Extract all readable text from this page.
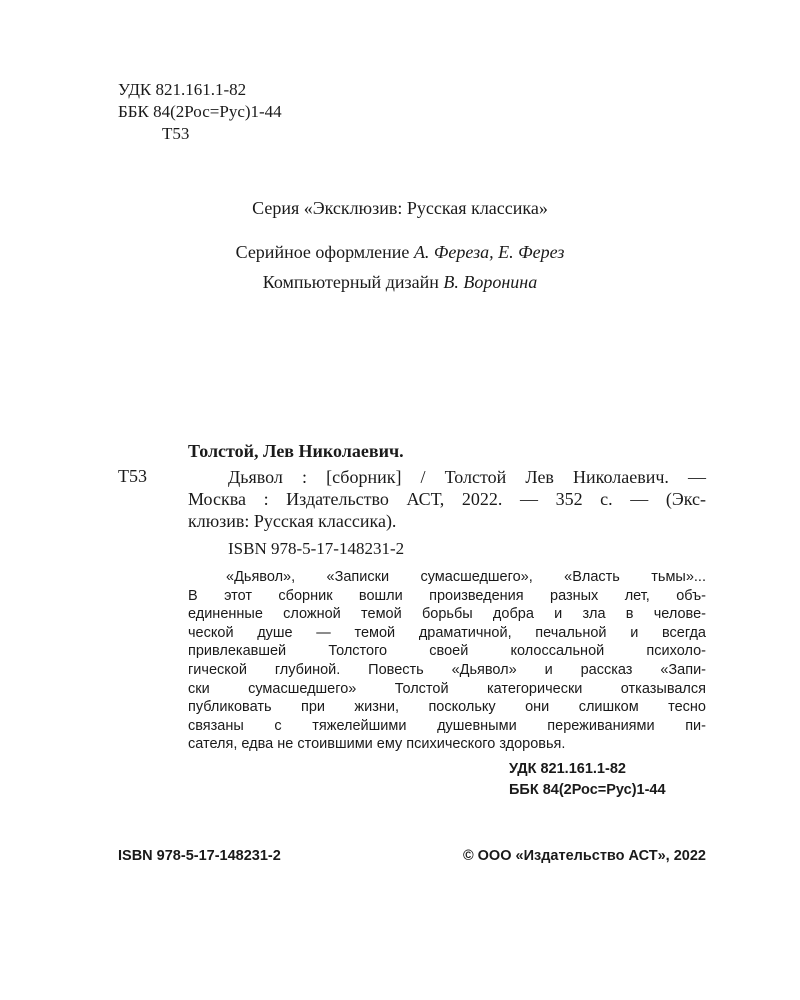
УДК 821.161.1-82
ББК 84(2Рос=Рус)1-44
Т53
Серия «Эксклюзив: Русская классика»
Серийное оформление А. Фереза, Е. Ферез
Компьютерный дизайн В. Воронина
Толстой, Лев Николаевич.
Т53	Дьявол : [сборник] / Толстой Лев Николаевич. —
Москва : Издательство АСТ, 2022. — 352 с. — (Экс-
клюзив: Русская классика).
ISBN 978-5-17-148231-2
«Дьявол», «Записки сумасшедшего», «Власть тьмы»...
В этот сборник вошли произведения разных лет, объ-
единенные сложной темой борьбы добра и зла в челове-
ческой душе — темой драматичной, печальной и всегда
привлекавшей Толстого своей колоссальной психоло-
гической глубиной. Повесть «Дьявол» и рассказ «Запи-
ски сумасшедшего» Толстой категорически отказывался
публиковать при жизни, поскольку они слишком тесно
связаны с тяжелейшими душевными переживаниями пи-
сателя, едва не стоившими ему психического здоровья.
УДК 821.161.1-82
ББК 84(2Рос=Рус)1-44
ISBN 978-5-17-148231-2	© ООО «Издательство АСТ», 2022
